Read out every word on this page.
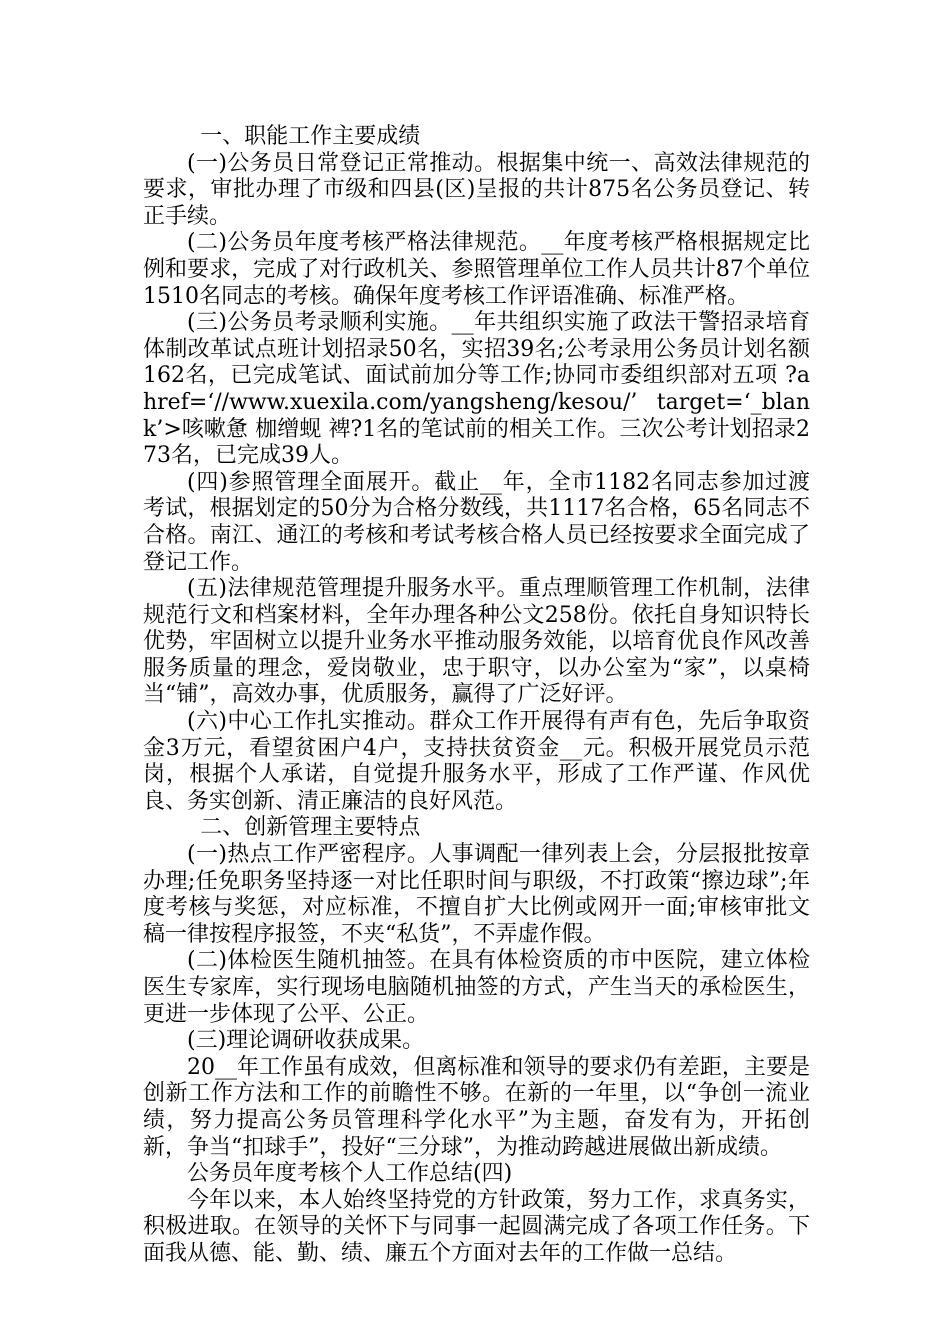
一、职能工作主要成绩

(一)公务员日常登记正常推动。根据集中统一、高效法律规范的要求，审批办理了市级和四县(区)呈报的共计875名公务员登记、转正手续。

(二)公务员年度考核严格法律规范。__年度考核严格根据规定比例和要求，完成了对行政机关、参照管理单位工作人员共计87个单位1510名同志的考核。确保年度考核工作评语准确、标准严格。

(三)公务员考录顺利实施。__年共组织实施了政法干警招录培育体制改革试点班计划招录50名，实招39名;公考录用公务员计划名额162名，已完成笔试、面试前加分等工作;协同市委组织部对五项 ?a href=‘//www.xuexila.com/yangsheng/kesou/’ target=‘_blank’>咳嗽惫 枷缯蚬 裨?1名的笔试前的相关工作。三次公考计划招录273名，已完成39人。

(四)参照管理全面展开。截止__年，全市1182名同志参加过渡考试，根据划定的50分为合格分数线，共1117名合格，65名同志不合格。南江、通江的考核和考试考核合格人员已经按要求全面完成了登记工作。

(五)法律规范管理提升服务水平。重点理顺管理工作机制，法律规范行文和档案材料，全年办理各种公文258份。依托自身知识特长优势，牢固树立以提升业务水平推动服务效能，以培育优良作风改善服务质量的理念，爱岗敬业，忠于职守，以办公室为“家”，以桌椅当“铺”，高效办事，优质服务，赢得了广泛好评。

(六)中心工作扎实推动。群众工作开展得有声有色，先后争取资金3万元，看望贫困户4户，支持扶贫资金__元。积极开展党员示范岗，根据个人承诺，自觉提升服务水平，形成了工作严谨、作风优良、务实创新、清正廉洁的良好风范。

二、创新管理主要特点

(一)热点工作严密程序。人事调配一律列表上会，分层报批按章办理;任免职务坚持逐一对比任职时间与职级，不打政策“擦边球”;年度考核与奖惩，对应标准，不擅自扩大比例或网开一面;审核审批文稿一律按程序报签，不夹“私货”，不弄虚作假。

(二)体检医生随机抽签。在具有体检资质的市中医院，建立体检医生专家库，实行现场电脑随机抽签的方式，产生当天的承检医生，更进一步体现了公平、公正。

(三)理论调研收获成果。

20__年工作虽有成效，但离标准和领导的要求仍有差距，主要是创新工作方法和工作的前瞻性不够。在新的一年里，以“争创一流业绩，努力提高公务员管理科学化水平”为主题，奋发有为，开拓创新，争当“扣球手”，投好“三分球”，为推动跨越进展做出新成绩。

公务员年度考核个人工作总结(四)

今年以来，本人始终坚持党的方针政策，努力工作，求真务实，积极进取。在领导的关怀下与同事一起圆满完成了各项工作任务。下面我从德、能、勤、绩、廉五个方面对去年的工作做一总结。
